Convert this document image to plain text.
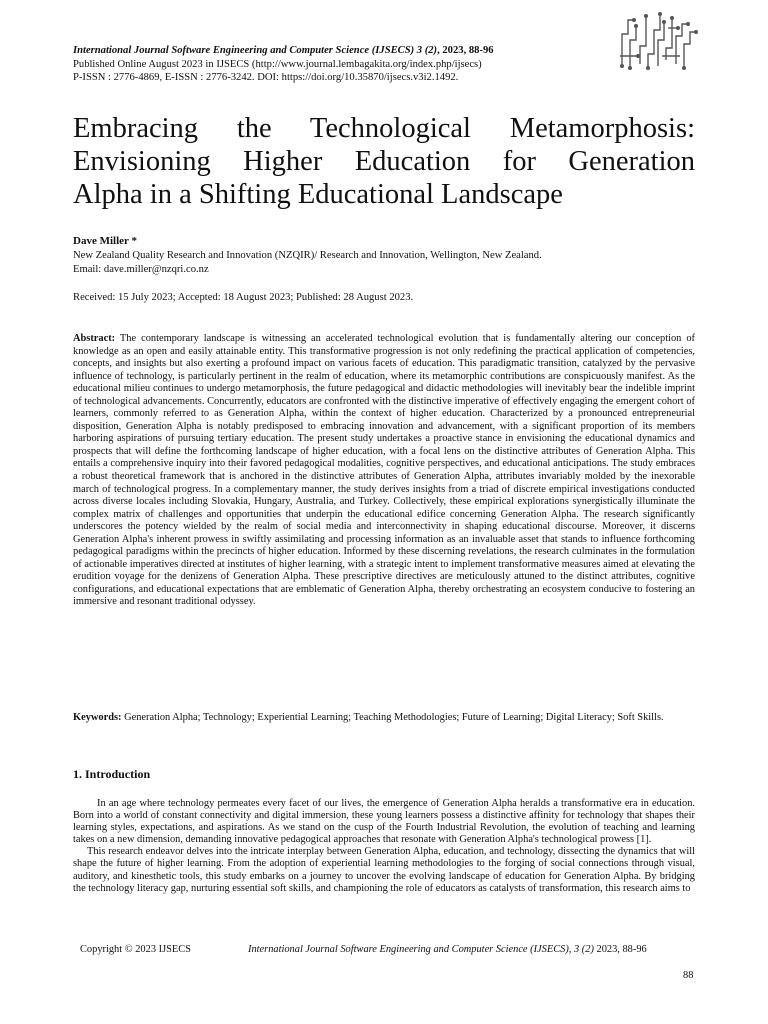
International Journal Software Engineering and Computer Science (IJSECS) 3 (2), 2023, 88-96
Published Online August 2023 in IJSECS (http://www.journal.lembagakita.org/index.php/ijsecs)
P-ISSN : 2776-4869, E-ISSN : 2776-3242. DOI: https://doi.org/10.35870/ijsecs.v3i2.1492.
Embracing the Technological Metamorphosis:
Envisioning Higher Education for Generation
Alpha in a Shifting Educational Landscape
Dave Miller *
New Zealand Quality Research and Innovation (NZQIR)/ Research and Innovation, Wellington, New Zealand.
Email: dave.miller@nzqri.co.nz
Received: 15 July 2023; Accepted: 18 August 2023; Published: 28 August 2023.

Abstract: The contemporary landscape is witnessing an accelerated technological evolution that is fundamentally altering our conception of knowledge as an open and easily attainable entity. This transformative progression is not only redefining the practical application of competencies, concepts, and insights but also exerting a profound impact on various facets of education. This paradigmatic transition, catalyzed by the pervasive influence of technology, is particularly pertinent in the realm of education, where its metamorphic contributions are conspicuously manifest. As the educational milieu continues to undergo metamorphosis, the future pedagogical and didactic methodologies will inevitably bear the indelible imprint of technological advancements. Concurrently, educators are confronted with the distinctive imperative of effectively engaging the emergent cohort of learners, commonly referred to as Generation Alpha, within the context of higher education. Characterized by a pronounced entrepreneurial disposition, Generation Alpha is notably predisposed to embracing innovation and advancement, with a significant proportion of its members harboring aspirations of pursuing tertiary education. The present study undertakes a proactive stance in envisioning the educational dynamics and prospects that will define the forthcoming landscape of higher education, with a focal lens on the distinctive attributes of Generation Alpha. This entails a comprehensive inquiry into their favored pedagogical modalities, cognitive perspectives, and educational anticipations. The study embraces a robust theoretical framework that is anchored in the distinctive attributes of Generation Alpha, attributes invariably molded by the inexorable march of technological progress. In a complementary manner, the study derives insights from a triad of discrete empirical investigations conducted across diverse locales including Slovakia, Hungary, Australia, and Turkey. Collectively, these empirical explorations synergistically illuminate the complex matrix of challenges and opportunities that underpin the educational edifice concerning Generation Alpha. The research significantly underscores the potency wielded by the realm of social media and interconnectivity in shaping educational discourse. Moreover, it discerns Generation Alpha's inherent prowess in swiftly assimilating and processing information as an invaluable asset that stands to influence forthcoming pedagogical paradigms within the precincts of higher education. Informed by these discerning revelations, the research culminates in the formulation of actionable imperatives directed at institutes of higher learning, with a strategic intent to implement transformative measures aimed at elevating the erudition voyage for the denizens of Generation Alpha. These prescriptive directives are meticulously attuned to the distinct attributes, cognitive configurations, and educational expectations that are emblematic of Generation Alpha, thereby orchestrating an ecosystem conducive to fostering an immersive and resonant traditional odyssey.

Keywords: Generation Alpha; Technology; Experiential Learning; Teaching Methodologies; Future of Learning; Digital Literacy; Soft Skills.

1. Introduction

In an age where technology permeates every facet of our lives, the emergence of Generation Alpha heralds a transformative era in education. Born into a world of constant connectivity and digital immersion, these young learners possess a distinctive affinity for technology that shapes their learning styles, expectations, and aspirations. As we stand on the cusp of the Fourth Industrial Revolution, the evolution of teaching and learning takes on a new dimension, demanding innovative pedagogical approaches that resonate with Generation Alpha's technological prowess [1].

This research endeavor delves into the intricate interplay between Generation Alpha, education, and technology, dissecting the dynamics that will shape the future of higher learning. From the adoption of experiential learning methodologies to the forging of social connections through visual, auditory, and kinesthetic tools, this study embarks on a journey to uncover the evolving landscape of education for Generation Alpha. By bridging the technology literacy gap, nurturing essential soft skills, and championing the role of educators as catalysts of transformation, this research aims to

Copyright © 2023 IJSECS	International Journal Software Engineering and Computer Science (IJSECS), 3 (2) 2023, 88-96
88
